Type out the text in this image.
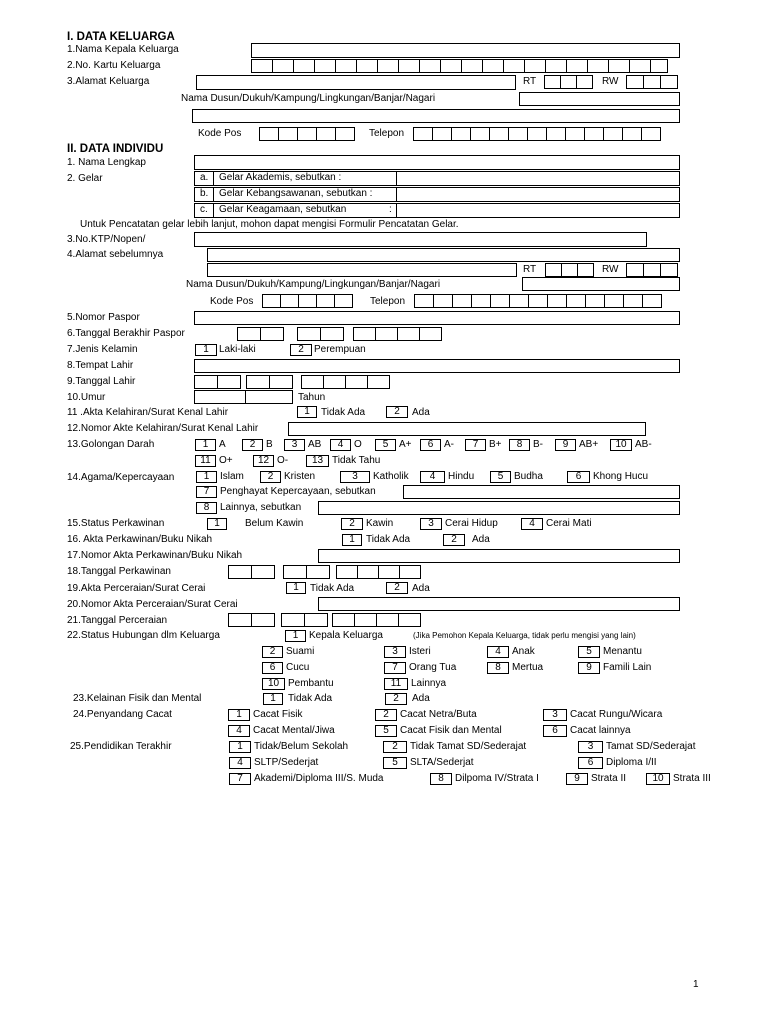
I. DATA KELUARGA
1.Nama Kepala Keluarga
2.No. Kartu Keluarga
3.Alamat Keluarga	RT	RW
Nama Dusun/Dukuh/Kampung/Lingkungan/Banjar/Nagari
Kode Pos	Telepon
II. DATA INDIVIDU
1. Nama Lengkap
2. Gelar	a. Gelar Akademis, sebutkan :
b. Gelar Kebangsawanan, sebutkan :
c. Gelar Keagamaan, sebutkan	:
Untuk Pencatatan gelar lebih lanjut, mohon dapat mengisi Formulir Pencatatan Gelar.
3.No.KTP/Nopen/
4.Alamat sebelumnya
RT	RW
Nama Dusun/Dukuh/Kampung/Lingkungan/Banjar/Nagari
Kode Pos	Telepon
5.Nomor Paspor
6.Tanggal Berakhir Paspor
7.Jenis Kelamin	1	Laki-laki	2	Perempuan
8.Tempat Lahir
9.Tanggal Lahir
10.Umur	Tahun
11 .Akta Kelahiran/Surat Kenal Lahir	1	Tidak Ada	2	Ada
12.Nomor Akte Kelahiran/Surat Kenal Lahir
13.Golongan Darah	1	A	2	B	3	AB	4	O	5	A+	6	A-	7	B+	8	B-	9	AB+	10 AB-
11 O+	12 O-	13 Tidak Tahu
14.Agama/Kepercayaan	1	Islam	2	Kristen	3	Katholik	4	Hindu	5	Budha	6	Khong Hucu
7	Penghayat Kepercayaan, sebutkan
8	Lainnya, sebutkan
15.Status Perkawinan	1	Belum Kawin	2	Kawin	3	Cerai Hidup	4	Cerai Mati
16. Akta Perkawinan/Buku Nikah	1	Tidak Ada	2	Ada
17.Nomor Akta Perkawinan/Buku Nikah
18.Tanggal Perkawinan
19.Akta Perceraian/Surat Cerai	1	Tidak Ada	2	Ada
20.Nomor Akta Perceraian/Surat Cerai
21.Tanggal Perceraian
22.Status Hubungan dlm Keluarga	(Jika Pemohon Kepala Keluarga, tidak perlu mengisi yang lain)
1	Kepala Keluarga
2	Suami	3	Isteri	4	Anak	5	Menantu
6	Cucu	7	Orang Tua	8	Mertua	9	Famili Lain
10 Pembantu	11 Lainnya
23.Kelainan Fisik dan Mental	1	Tidak Ada	2	Ada
24.Penyandang Cacat	1	Cacat Fisik	2	Cacat Netra/Buta	3	Cacat Rungu/Wicara
4	Cacat Mental/Jiwa	5	Cacat Fisik dan Mental	6	Cacat lainnya
25.Pendidikan Terakhir	1	Tidak/Belum Sekolah	2	Tidak Tamat SD/Sederajat	3	Tamat SD/Sederajat
4	SLTP/Sederjat	5	SLTA/Sederjat	6	Diploma I/II
7	Akademi/Diploma III/S. Muda	8	Dilpoma IV/Strata I	9	Strata II	10 Strata III
1
